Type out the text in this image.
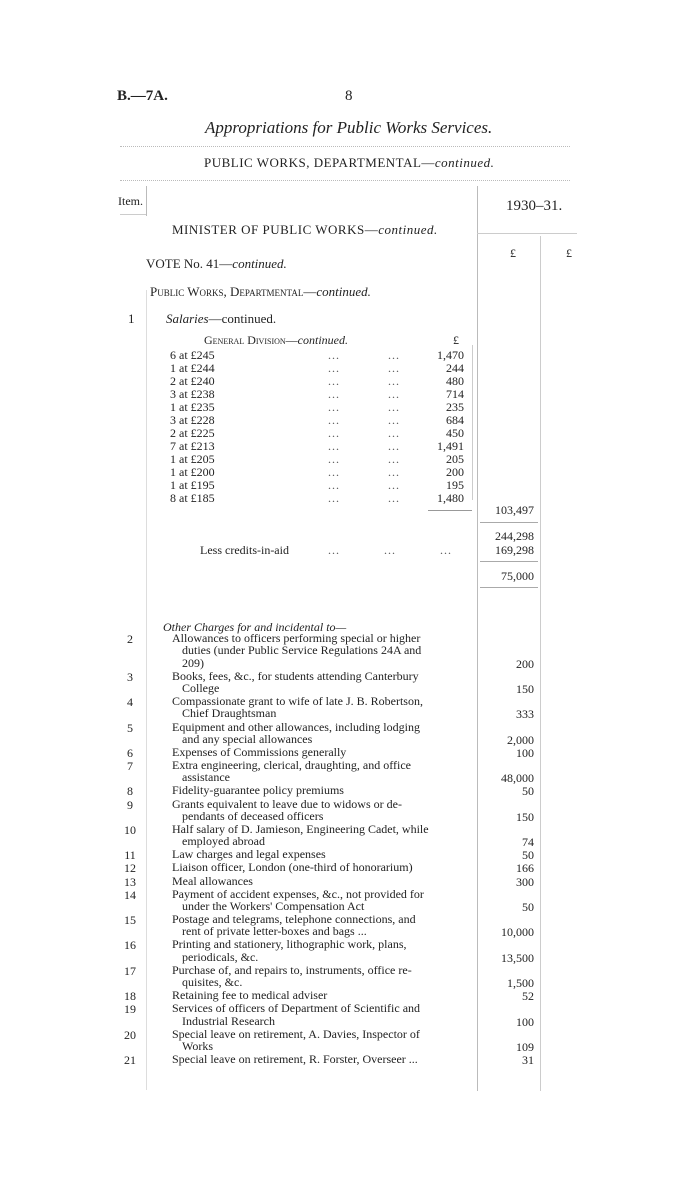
B.—7A.	8
Appropriations for Public Works Services.
PUBLIC WORKS, DEPARTMENTAL—continued.
Item.	1930–31.
£	£
MINISTER OF PUBLIC WORKS—continued.
VOTE No. 41—continued.
Public Works, Departmental—continued.
1 Salaries—continued.
General Division—continued.	£
6 at £245	...            ...	1,470
1 at £244	...            ...	244
2 at £240	...            ...	480
3 at £238	...            ...	714
1 at £235	...            ...	235
3 at £228	...            ...	684
2 at £225	...            ...	450
7 at £213	...            ...	1,491
1 at £205	...            ...	205
1 at £200	...            ...	200
1 at £195	...            ...	195
8 at £185	...            ...	1,480
103,497
244,298
Less credits-in-aid	...           ...           ...	169,298
75,000
Other Charges for and incidental to—
2	Allowances to officers performing special or higher
duties (under Public Service Regulations 24A and
209)	200
3	Books, fees, &c., for students attending Canterbury
College	150
4	Compassionate grant to wife of late J. B. Robertson,
Chief Draughtsman	333
5	Equipment and other allowances, including lodging
and any special allowances	2,000
6	Expenses of Commissions generally	100
7	Extra engineering, clerical, draughting, and office
assistance	48,000
8	Fidelity-guarantee policy premiums	50
9	Grants equivalent to leave due to widows or de-
pendants of deceased officers	150
10	Half salary of D. Jamieson, Engineering Cadet, while
employed abroad	74
11	Law charges and legal expenses	50
12	Liaison officer, London (one-third of honorarium)	166
13	Meal allowances	300
14	Payment of accident expenses, &c., not provided for
under the Workers' Compensation Act	50
15	Postage and telegrams, telephone connections, and
rent of private letter-boxes and bags ...	10,000
16	Printing and stationery, lithographic work, plans,
periodicals, &c.	13,500
17	Purchase of, and repairs to, instruments, office re-
quisites, &c.	1,500
18	Retaining fee to medical adviser	52
19	Services of officers of Department of Scientific and
Industrial Research	100
20	Special leave on retirement, A. Davies, Inspector of
Works	109
21	Special leave on retirement, R. Forster, Overseer ...	31
